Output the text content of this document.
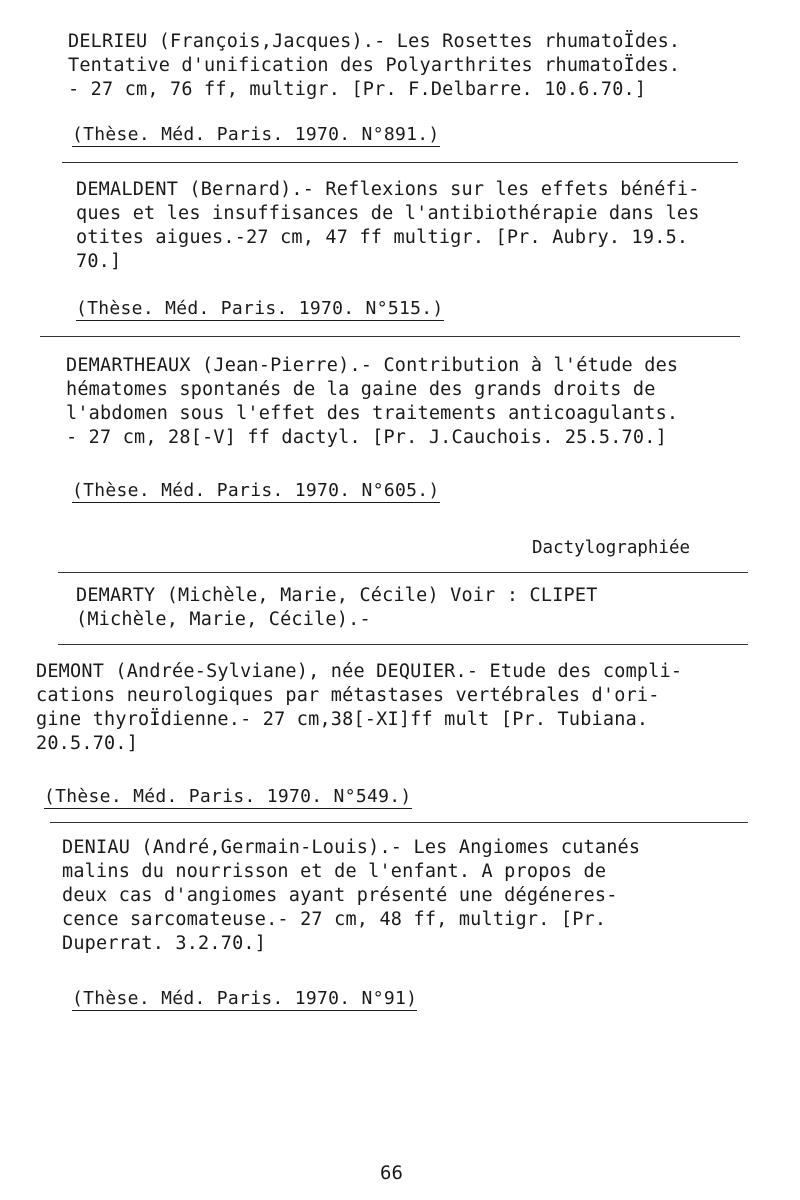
DELRIEU (François,Jacques).- Les Rosettes rhumatoÏdes.
Tentative d'unification des Polyarthrites rhumatoÏdes.
- 27 cm, 76 ff, multigr. [Pr. F.Delbarre. 10.6.70.]
(Thèse. Méd. Paris. 1970. N°891.)
DEMALDENT (Bernard).- Reflexions sur les effets bénéfi-
ques et les insuffisances de l'antibiothérapie dans les
otites aigues.-27 cm, 47 ff multigr. [Pr. Aubry. 19.5.
70.]
(Thèse. Méd. Paris. 1970. N°515.)
DEMARTHEAUX (Jean-Pierre).- Contribution à l'étude des
hématomes spontanés de la gaine des grands droits de
l'abdomen sous l'effet des traitements anticoagulants.
- 27 cm, 28[-V] ff dactyl. [Pr. J.Cauchois. 25.5.70.]
(Thèse. Méd. Paris. 1970. N°605.)
Dactylographiée
DEMARTY (Michèle, Marie, Cécile) Voir : CLIPET
(Michèle, Marie, Cécile).-
DEMONT (Andrée-Sylviane), née DEQUIER.- Etude des compli-
cations neurologiques par métastases vertébrales d'ori-
gine thyroÏdienne.- 27 cm,38[-XI]ff mult [Pr. Tubiana.
20.5.70.]
(Thèse. Méd. Paris. 1970. N°549.)
DENIAU (André,Germain-Louis).- Les Angiomes cutanés
malins du nourrisson et de l'enfant. A propos de
deux cas d'angiomes ayant présenté une dégéneres-
cence sarcomateuse.- 27 cm, 48 ff, multigr. [Pr.
Duperrat. 3.2.70.]
(Thèse. Méd. Paris. 1970. N°91)
66
